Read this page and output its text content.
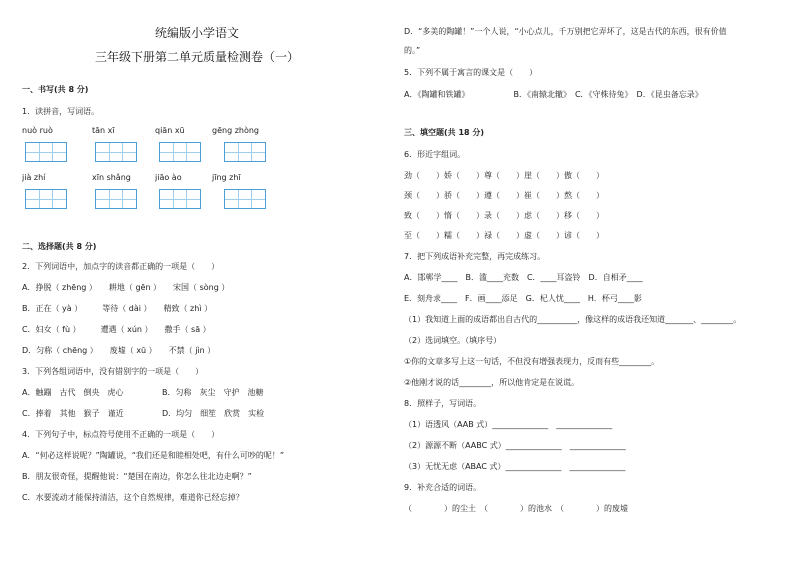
统编版小学语文
三年级下册第二单元质量检测卷（一）
一、书写(共 8 分)
1．读拼音，写词语。
nuò ruò	tān xī	qiān xū	gēng zhòng
jià zhí	xīn shǎng	jiāo ào	jīng zhī
二、选择题(共 8 分)
2．下列词语中，加点字的读音都正确的一项是（　　）
A．挣脱（ zhēng ）　　耕地（ gēn ）　　宋国（ sòng ）
B．正在（ yà ）　　　等待（ dài ）　　精致（ zhì ）
C．妇女（ fù ）　　　遭遇（ xún ）　　撒手（ sā ）
D．匀称（ chēng ）　　废墟（ xū ）　　不禁（ jìn ）
3．下列各组词语中，没有错别字的一项是（　　）
A．触蹦　古代　倒央　虎心	B．匀称　灰尘　守护　池糖
C．捧着　其他　猴子　谨近	D．均匀　细笙　欣赏　实检
4．下列句子中，标点符号使用不正确的一项是（　　）
A．“何必这样说呢？”陶罐说，“我们还是和睦相处吧，有什么可吵的呢！”
B．朋友很奇怪，提醒他说：“楚国在南边，你怎么往北边走啊？”
C．水要流动才能保持清洁，这个自然规律，难道你已经忘掉？
D．“多美的陶罐！”一个人说，“小心点儿，千万别把它弄坏了，这是古代的东西，很有价值
的。”
5．下列不属于寓言的课文是（　　）
A．《陶罐和铁罐》　　　　　　B．《南辕北辙》　C．《守株待兔》　D．《昆虫备忘录》
三、填空题(共 18 分)
6．形近字组词。
劲（　　）娇（　　）尊（　　）崖（　　）傲（　　）
颈（　　）骄（　　）遵（　　）崔（　　）熬（　　）
致（　　）惰（　　）录（　　）虑（　　）移（　　）
至（　　）糯（　　）禄（　　）虚（　　）谚（　　）
7．把下列成语补充完整，再完成练习。
A．邯郸学____　B．滥____充数　C．____耳盗铃　D．自相矛____
E．刻舟求____　F．画____添足　G．杞人忧____　H．杯弓____影
（1）我知道上面的成语都出自古代的__________，像这样的成语我还知道_______、________。
（2）选词填空。（填序号）
①你的文章多写上这一句话，不但没有增强表现力，反而有些________。
②他刚才说的话________，所以他肯定是在说谎。
8．照样子，写词语。
（1）语透风（AAB 式）______________　______________
（2）源源不断（AABC 式）______________　______________
（3）无忧无虑（ABAC 式）______________　______________
9．补充合适的词语。
（　　　　）的尘土　（　　　　）的池水　（　　　　）的废墟
